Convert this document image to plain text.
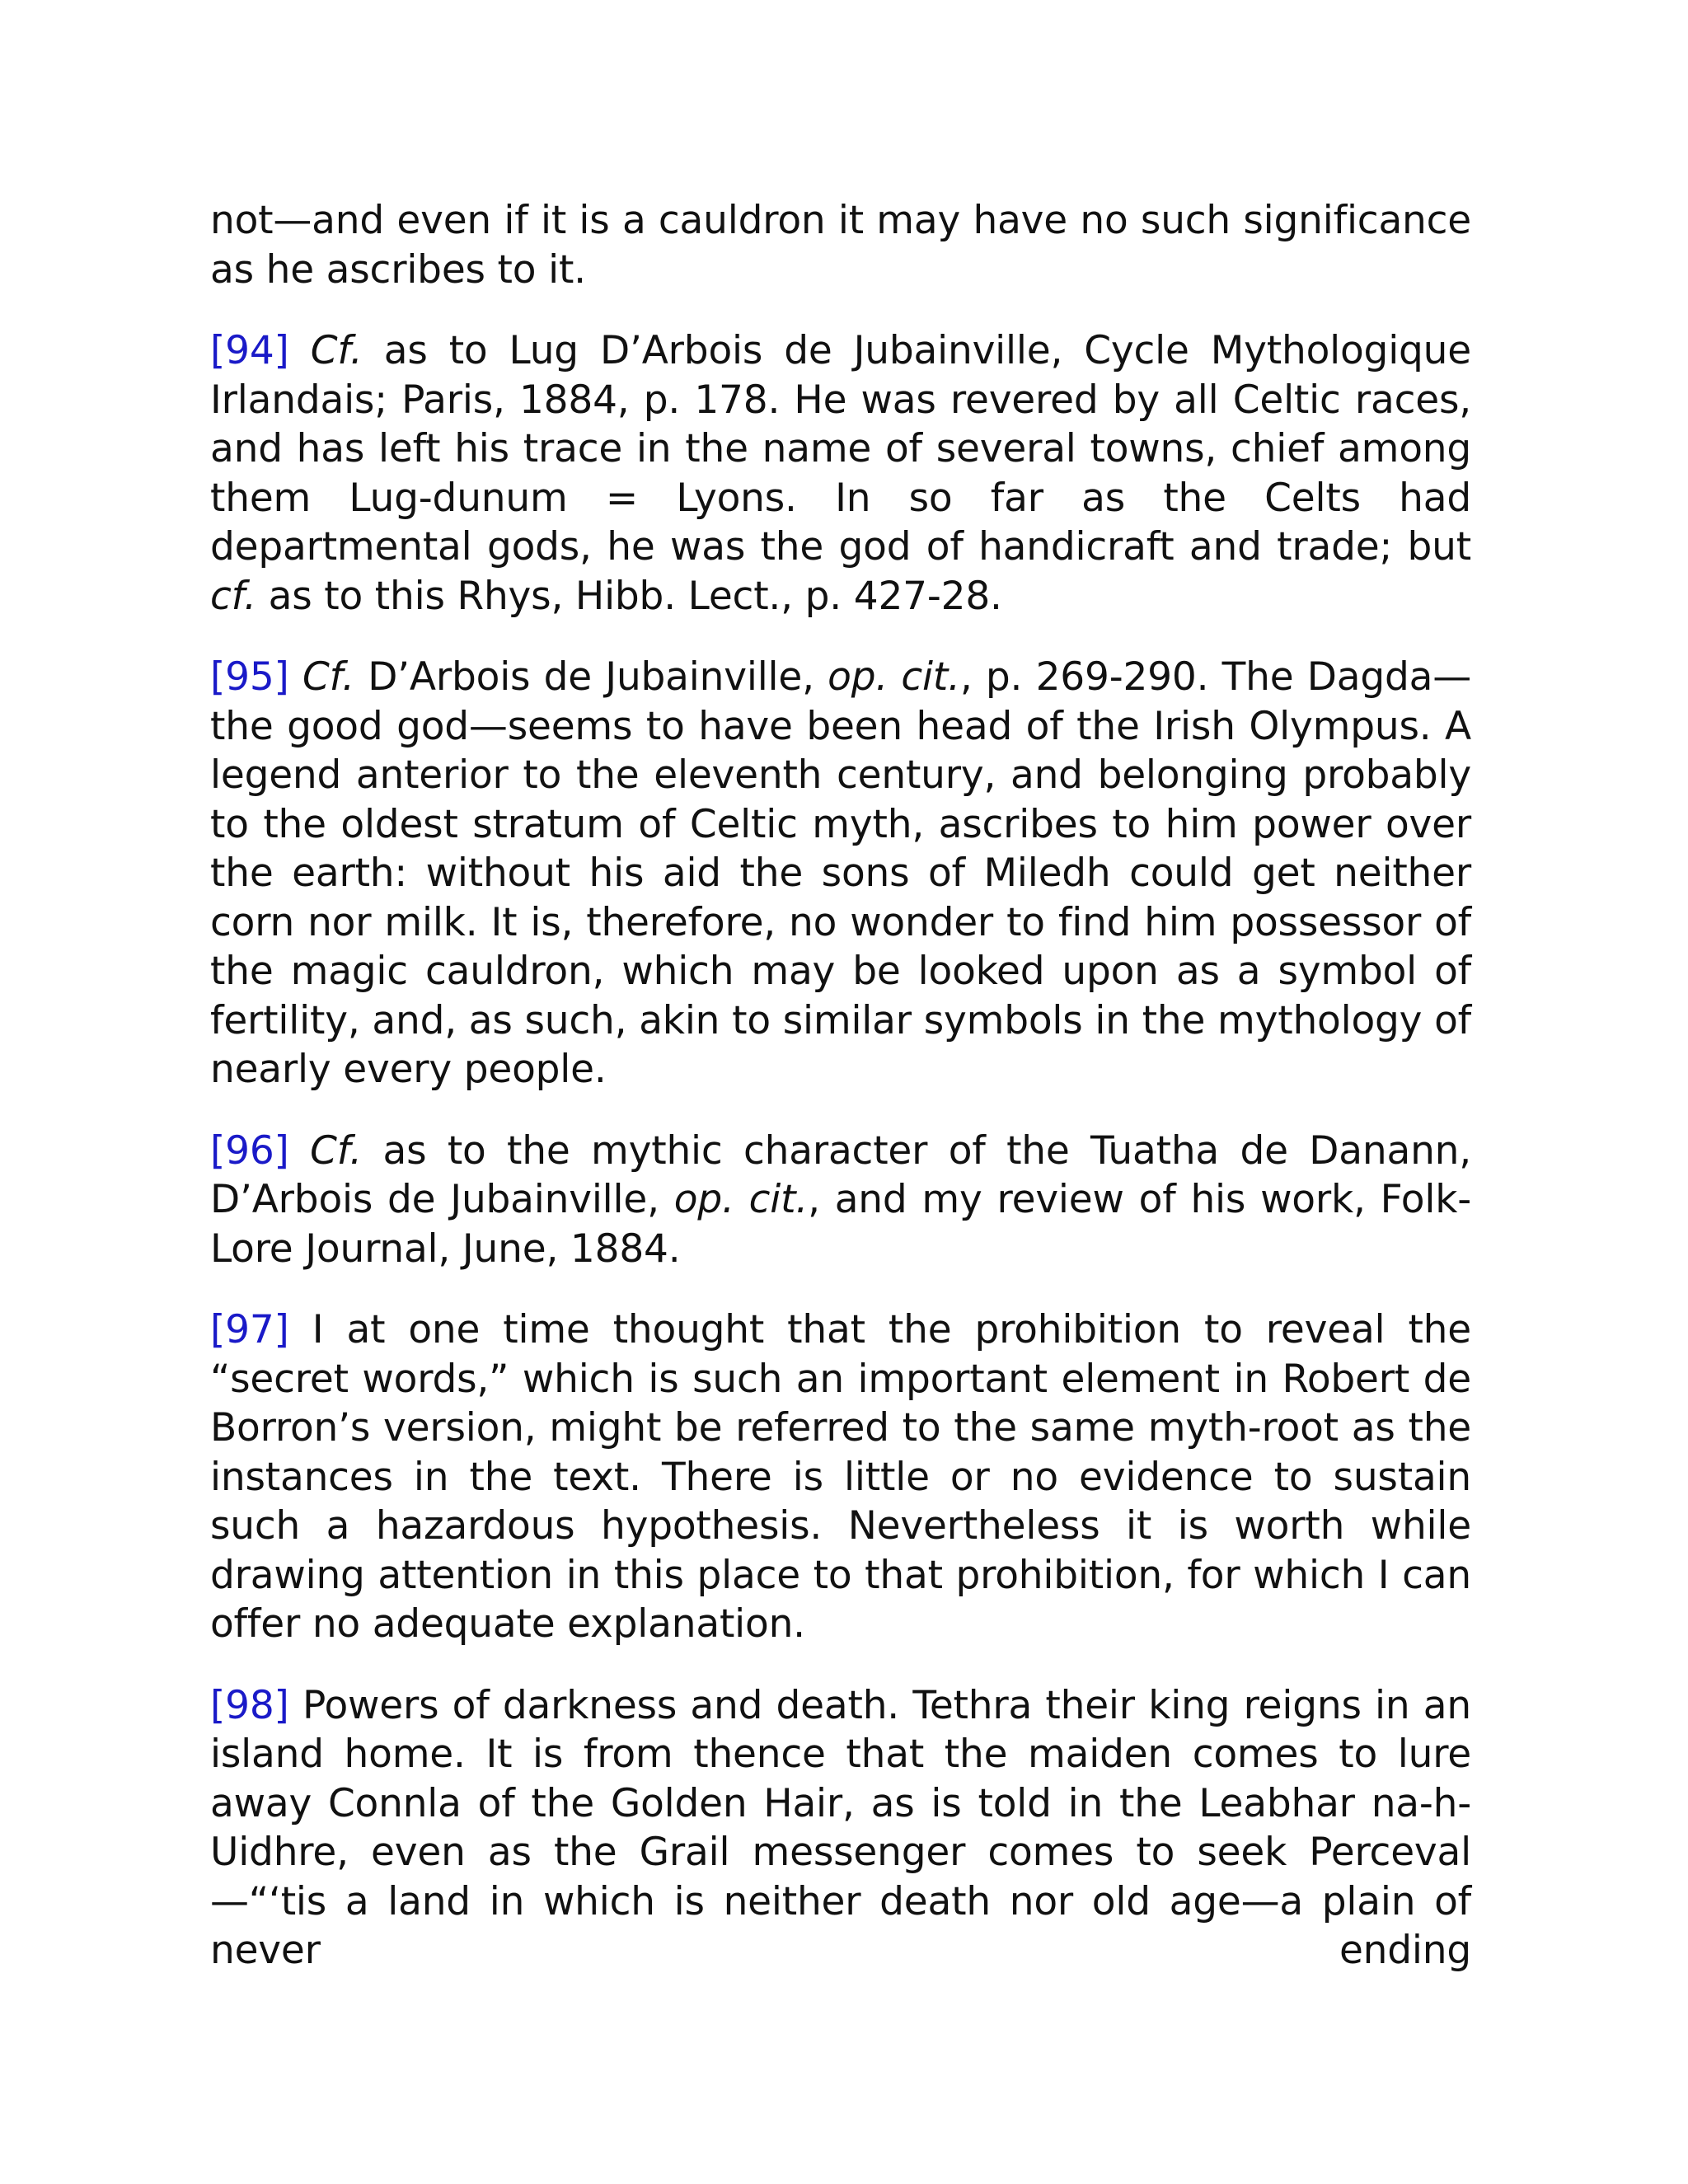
not—and even if it is a cauldron it may have no such significance as he ascribes to it.

[94] Cf. as to Lug D’Arbois de Jubainville, Cycle Mythologique Irlandais; Paris, 1884, p. 178. He was revered by all Celtic races, and has left his trace in the name of several towns, chief among them Lug-dunum = Lyons. In so far as the Celts had departmental gods, he was the god of handicraft and trade; but cf. as to this Rhys, Hibb. Lect., p. 427-28.

[95] Cf. D’Arbois de Jubainville, op. cit., p. 269-290. The Dagda—the good god—seems to have been head of the Irish Olympus. A legend anterior to the eleventh century, and belonging probably to the oldest stratum of Celtic myth, ascribes to him power over the earth: without his aid the sons of Miledh could get neither corn nor milk. It is, therefore, no wonder to find him possessor of the magic cauldron, which may be looked upon as a symbol of fertility, and, as such, akin to similar symbols in the mythology of nearly every people.

[96] Cf. as to the mythic character of the Tuatha de Danann, D’Arbois de Jubainville, op. cit., and my review of his work, Folk-Lore Journal, June, 1884.

[97] I at one time thought that the prohibition to reveal the “secret words,” which is such an important element in Robert de Borron’s version, might be referred to the same myth-root as the instances in the text. There is little or no evidence to sustain such a hazardous hypothesis. Nevertheless it is worth while drawing attention in this place to that prohibition, for which I can offer no adequate explanation.

[98] Powers of darkness and death. Tethra their king reigns in an island home. It is from thence that the maiden comes to lure away Connla of the Golden Hair, as is told in the Leabhar na-h-Uidhre, even as the Grail messenger comes to seek Perceval—“‘tis a land in which is neither death nor old age—a plain of never ending
